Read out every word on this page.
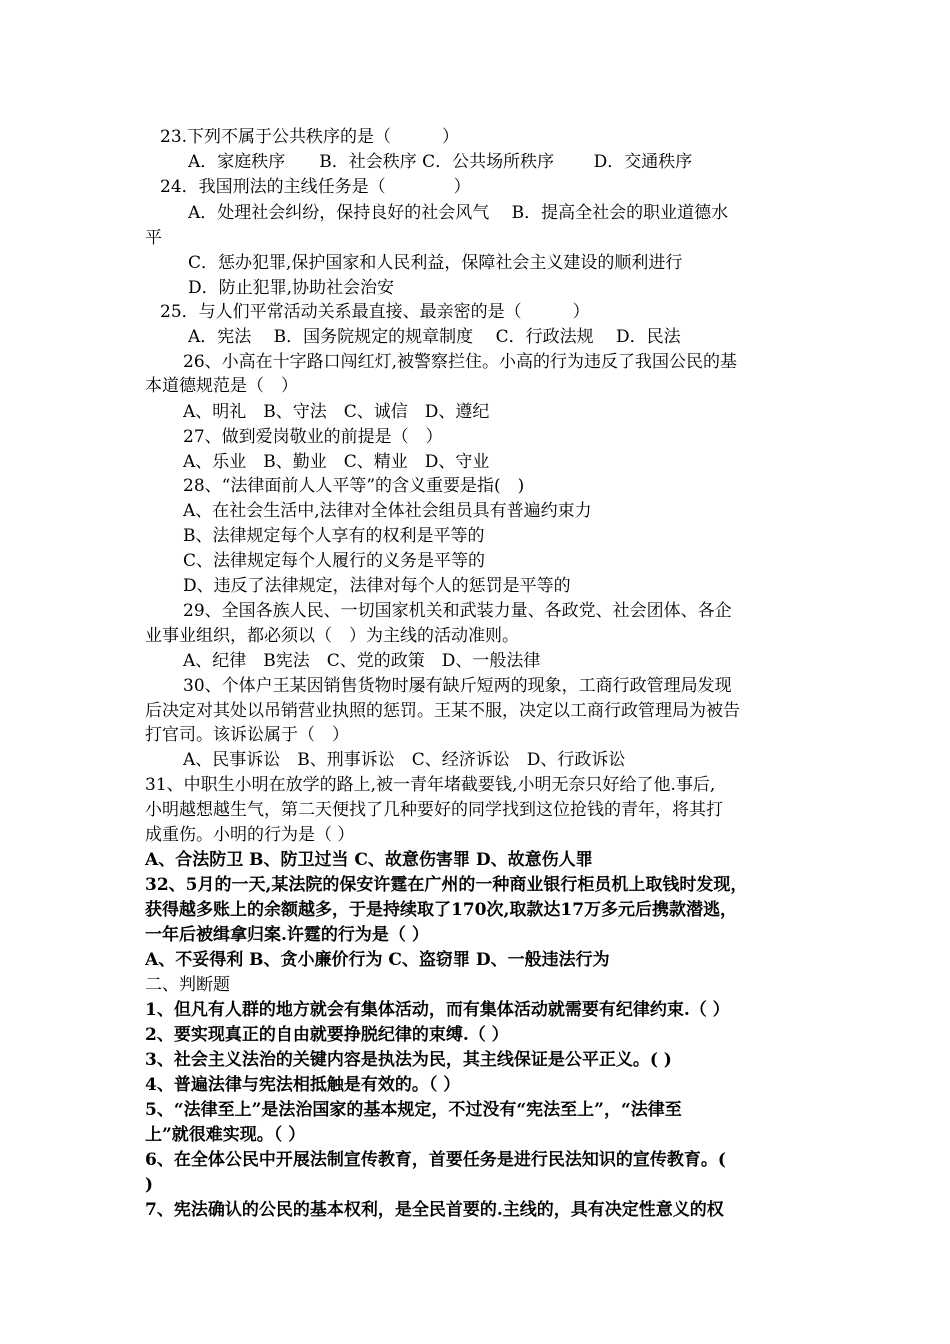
23.下列不属于公共秩序的是（　　　）
A．家庭秩序　　B．社会秩序 C．公共场所秩序　　 D．交通秩序
24．我国刑法的主线任务是（　　　　）
A．处理社会纠纷，保持良好的社会风气　 B．提高全社会的职业道德水
平
C．惩办犯罪,保护国家和人民利益，保障社会主义建设的顺利进行
D．防止犯罪,协助社会治安
25．与人们平常活动关系最直接、最亲密的是（　　　）
A．宪法　 B．国务院规定的规章制度　 C．行政法规　 D．民法
26、小高在十字路口闯红灯,被警察拦住。小高的行为违反了我国公民的基
本道德规范是（　）
A、明礼　B、守法　C、诚信　D、遵纪
27、做到爱岗敬业的前提是（　）
A、乐业　B、勤业　C、精业　D、守业
28、“法律面前人人平等”的含义重要是指(　)
A、在社会生活中,法律对全体社会组员具有普遍约束力
B、法律规定每个人享有的权利是平等的
C、法律规定每个人履行的义务是平等的
D、违反了法律规定，法律对每个人的惩罚是平等的
29、全国各族人民、一切国家机关和武装力量、各政党、社会团体、各企
业事业组织，都必须以（　）为主线的活动准则。
A、纪律　B宪法　C、党的政策　D、一般法律
30、个体户王某因销售货物时屡有缺斤短两的现象，工商行政管理局发现
后决定对其处以吊销营业执照的惩罚。王某不服，决定以工商行政管理局为被告
打官司。该诉讼属于（　）
A、民事诉讼　B、刑事诉讼　C、经济诉讼　D、行政诉讼
31、中职生小明在放学的路上,被一青年堵截要钱,小明无奈只好给了他.事后,
小明越想越生气，第二天便找了几种要好的同学找到这位抢钱的青年，将其打
成重伤。小明的行为是（ ）
A、合法防卫 B、防卫过当 C、故意伤害罪 D、故意伤人罪
32、5月的一天,某法院的保安许霆在广州的一种商业银行柜员机上取钱时发现，
获得越多账上的余额越多，于是持续取了170次,取款达17万多元后携款潜逃，
一年后被缉拿归案.许霆的行为是（ ）
A、不妥得利 B、贪小廉价行为 C、盗窃罪 D、一般违法行为
二、判断题
1、但凡有人群的地方就会有集体活动，而有集体活动就需要有纪律约束.（ ）
2、要实现真正的自由就要挣脱纪律的束缚.（ ）
3、社会主义法治的关键内容是执法为民，其主线保证是公平正义。( )
4、普遍法律与宪法相抵触是有效的。（ ）
5、“法律至上”是法治国家的基本规定，不过没有“宪法至上”，“法律至
上”就很难实现。（ ）
6、在全体公民中开展法制宣传教育，首要任务是进行民法知识的宣传教育。(
)
7、宪法确认的公民的基本权利，是全民首要的.主线的，具有决定性意义的权
